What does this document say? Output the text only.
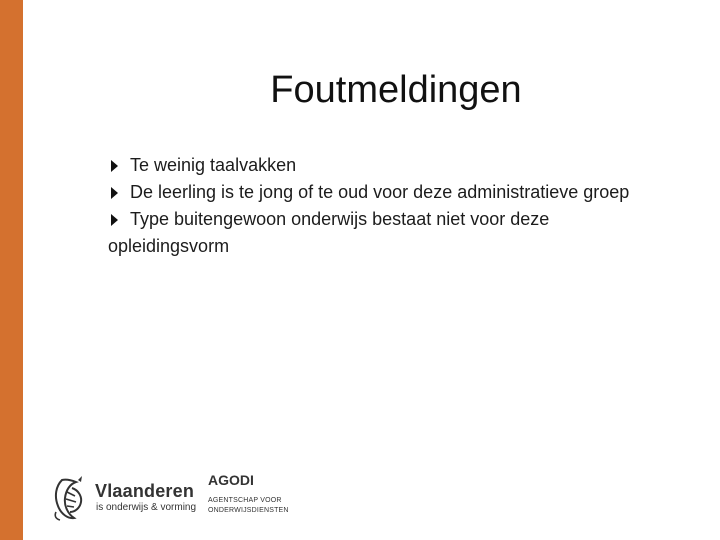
Foutmeldingen
Te weinig taalvakken
De leerling is te jong of te oud voor deze administratieve groep
Type buitengewoon onderwijs bestaat niet voor deze opleidingsvorm
Vlaanderen
is onderwijs & vorming
AGODI
AGENTSCHAP VOOR ONDERWIJSDIENSTEN
